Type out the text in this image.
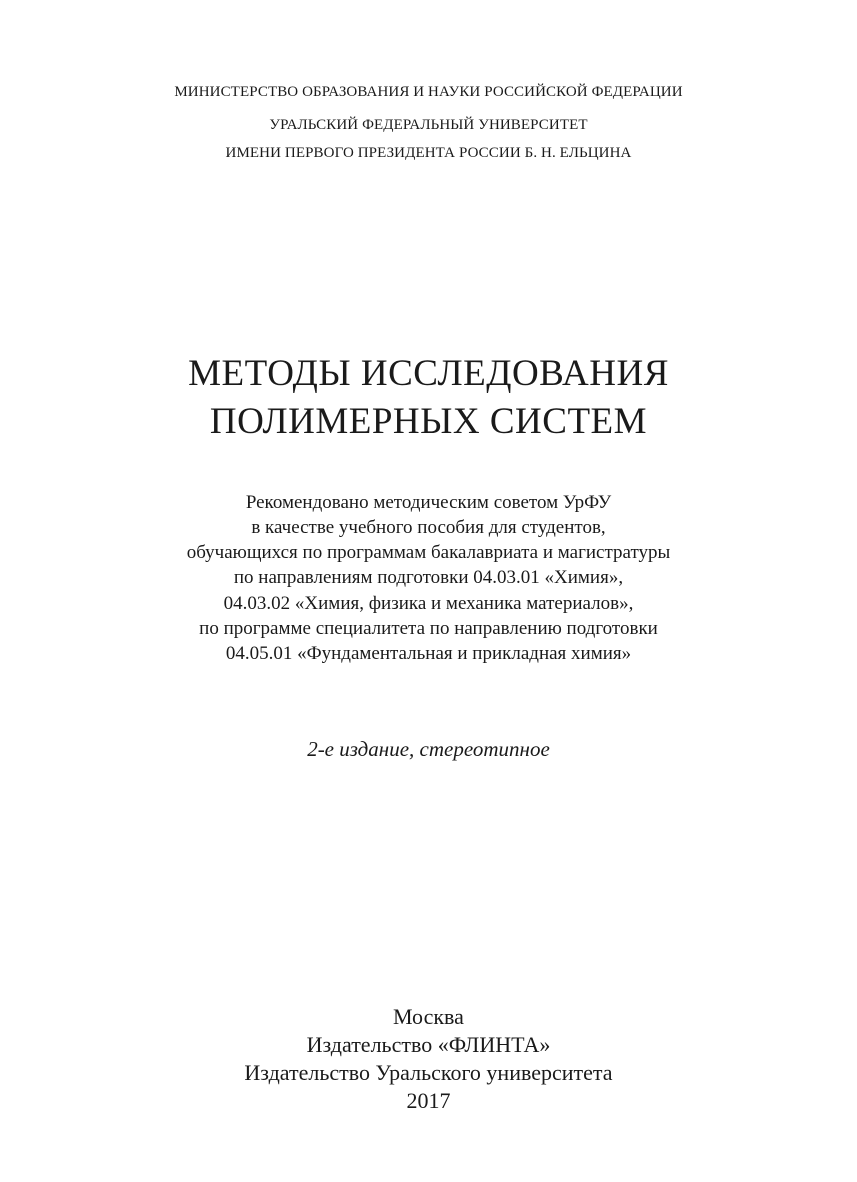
МИНИСТЕРСТВО ОБРАЗОВАНИЯ И НАУКИ РОССИЙСКОЙ ФЕДЕРАЦИИ
УРАЛЬСКИЙ ФЕДЕРАЛЬНЫЙ УНИВЕРСИТЕТ
ИМЕНИ ПЕРВОГО ПРЕЗИДЕНТА РОССИИ Б. Н. ЕЛЬЦИНА
МЕТОДЫ ИССЛЕДОВАНИЯ
ПОЛИМЕРНЫХ СИСТЕМ
Рекомендовано методическим советом УрФУ
в качестве учебного пособия для студентов,
обучающихся по программам бакалавриата и магистратуры
по направлениям подготовки 04.03.01 «Химия»,
04.03.02 «Химия, физика и механика материалов»,
по программе специалитета по направлению подготовки
04.05.01 «Фундаментальная и прикладная химия»
2-е издание, стереотипное
Москва
Издательство «ФЛИНТА»
Издательство Уральского университета
2017
